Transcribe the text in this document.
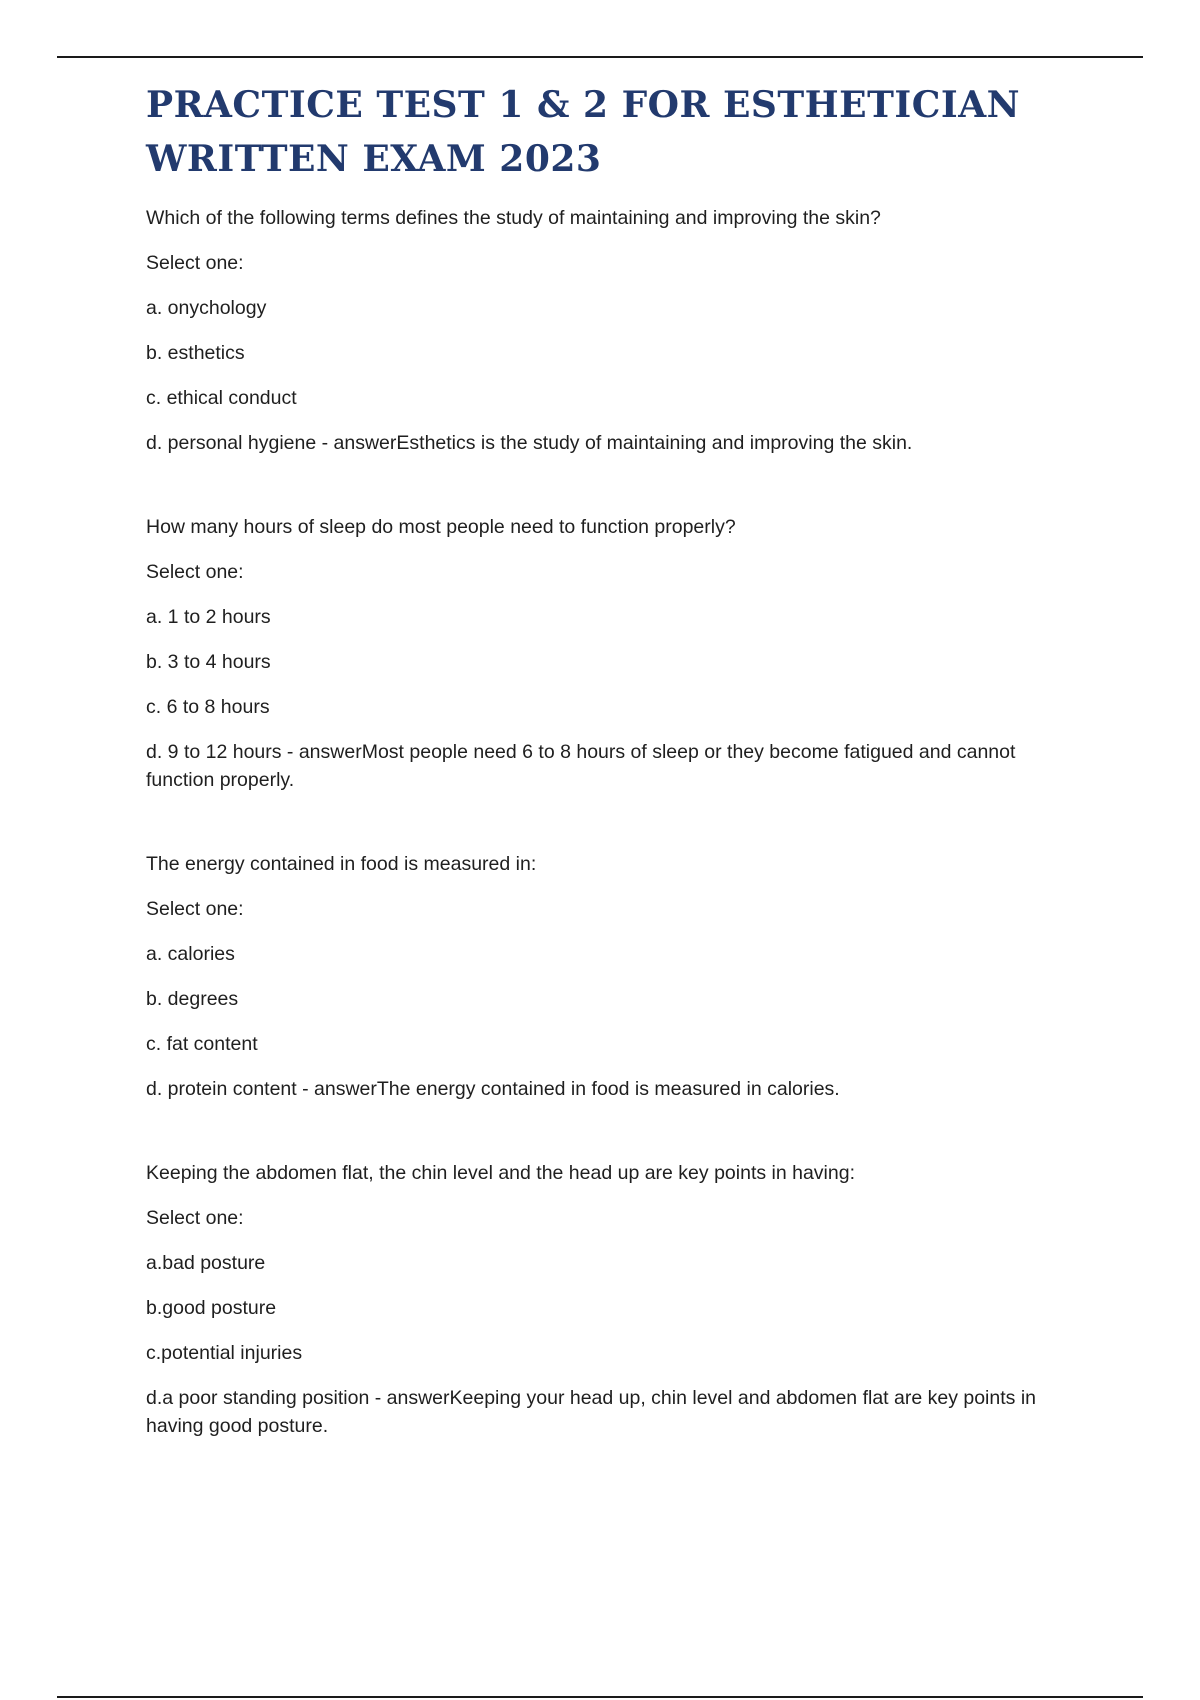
PRACTICE TEST 1 & 2 FOR ESTHETICIAN WRITTEN EXAM 2023

Which of the following terms defines the study of maintaining and improving the skin?

Select one:

a. onychology

b. esthetics

c. ethical conduct

d. personal hygiene - answerEsthetics is the study of maintaining and improving the skin.

How many hours of sleep do most people need to function properly?

Select one:

a. 1 to 2 hours

b. 3 to 4 hours

c. 6 to 8 hours

d. 9 to 12 hours - answerMost people need 6 to 8 hours of sleep or they become fatigued and cannot function properly.

The energy contained in food is measured in:

Select one:

a. calories

b. degrees

c. fat content

d. protein content - answerThe energy contained in food is measured in calories.

Keeping the abdomen flat, the chin level and the head up are key points in having:

Select one:

a.bad posture

b.good posture

c.potential injuries

d.a poor standing position - answerKeeping your head up, chin level and abdomen flat are key points in having good posture.
